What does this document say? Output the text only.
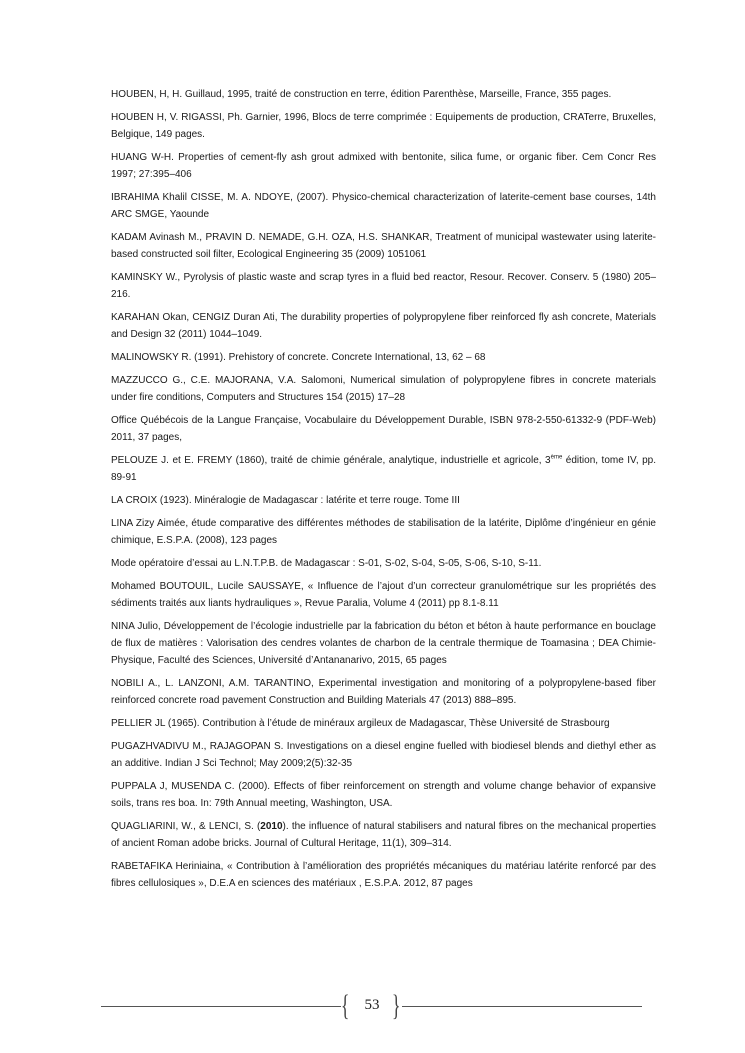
HOUBEN, H, H. Guillaud, 1995, traité de construction en terre, édition Parenthèse, Marseille, France, 355 pages.

HOUBEN H, V. RIGASSI, Ph. Garnier, 1996, Blocs de terre comprimée : Equipements de production, CRATerre, Bruxelles, Belgique, 149 pages.

HUANG W-H. Properties of cement-fly ash grout admixed with bentonite, silica fume, or organic fiber. Cem Concr Res 1997; 27:395–406

IBRAHIMA Khalil CISSE, M. A. NDOYE, (2007). Physico-chemical characterization of laterite-cement base courses, 14th ARC SMGE, Yaounde

KADAM Avinash M., PRAVIN D. NEMADE, G.H. OZA, H.S. SHANKAR, Treatment of municipal wastewater using laterite-based constructed soil filter, Ecological Engineering 35 (2009) 1051061

KAMINSKY W., Pyrolysis of plastic waste and scrap tyres in a fluid bed reactor, Resour. Recover. Conserv. 5 (1980) 205–216.

KARAHAN Okan, CENGIZ Duran Ati, The durability properties of polypropylene fiber reinforced fly ash concrete, Materials and Design 32 (2011) 1044–1049.

MALINOWSKY R. (1991). Prehistory of concrete. Concrete International, 13, 62 – 68

MAZZUCCO G., C.E. MAJORANA, V.A. Salomoni, Numerical simulation of polypropylene fibres in concrete materials under fire conditions, Computers and Structures 154 (2015) 17–28

Office Québécois de la Langue Française, Vocabulaire du Développement Durable, ISBN 978-2-550-61332-9 (PDF-Web) 2011, 37 pages,

PELOUZE J. et E. FREMY (1860), traité de chimie générale, analytique, industrielle et agricole, 3ème édition, tome IV, pp. 89-91

LA CROIX (1923). Minéralogie de Madagascar : latérite et terre rouge. Tome III

LINA Zizy Aimée, étude comparative des différentes méthodes de stabilisation de la latérite, Diplôme d’ingénieur en génie chimique, E.S.P.A. (2008), 123 pages

Mode opératoire d’essai au L.N.T.P.B. de Madagascar : S-01, S-02, S-04, S-05, S-06, S-10, S-11.

Mohamed BOUTOUIL, Lucile SAUSSAYE, « Influence de l’ajout d’un correcteur granulométrique sur les propriétés des sédiments traités aux liants hydrauliques », Revue Paralia, Volume 4 (2011) pp 8.1-8.11

NINA Julio, Développement de l’écologie industrielle par la fabrication du béton et béton à haute performance en bouclage de flux de matières : Valorisation des cendres volantes de charbon de la centrale thermique de Toamasina ; DEA Chimie-Physique, Faculté des Sciences, Université d’Antananarivo, 2015, 65 pages

NOBILI A., L. LANZONI, A.M. TARANTINO, Experimental investigation and monitoring of a polypropylene-based fiber reinforced concrete road pavement Construction and Building Materials 47 (2013) 888–895.

PELLIER JL (1965). Contribution à l’étude de minéraux argileux de Madagascar, Thèse Université de Strasbourg

PUGAZHVADIVU M., RAJAGOPAN S. Investigations on a diesel engine fuelled with biodiesel blends and diethyl ether as an additive. Indian J Sci Technol; May 2009;2(5):32-35

PUPPALA J, MUSENDA C. (2000). Effects of fiber reinforcement on strength and volume change behavior of expansive soils, trans res boa. In: 79th Annual meeting, Washington, USA.

QUAGLIARINI, W., & LENCI, S. (2010). the influence of natural stabilisers and natural fibres on the mechanical properties of ancient Roman adobe bricks. Journal of Cultural Heritage, 11(1), 309–314.

RABETAFIKA Heriniaina, « Contribution à l’amélioration des propriétés mécaniques du matériau latérite renforcé par des fibres cellulosiques », D.E.A en sciences des matériaux , E.S.P.A. 2012, 87 pages

{ 53 }
